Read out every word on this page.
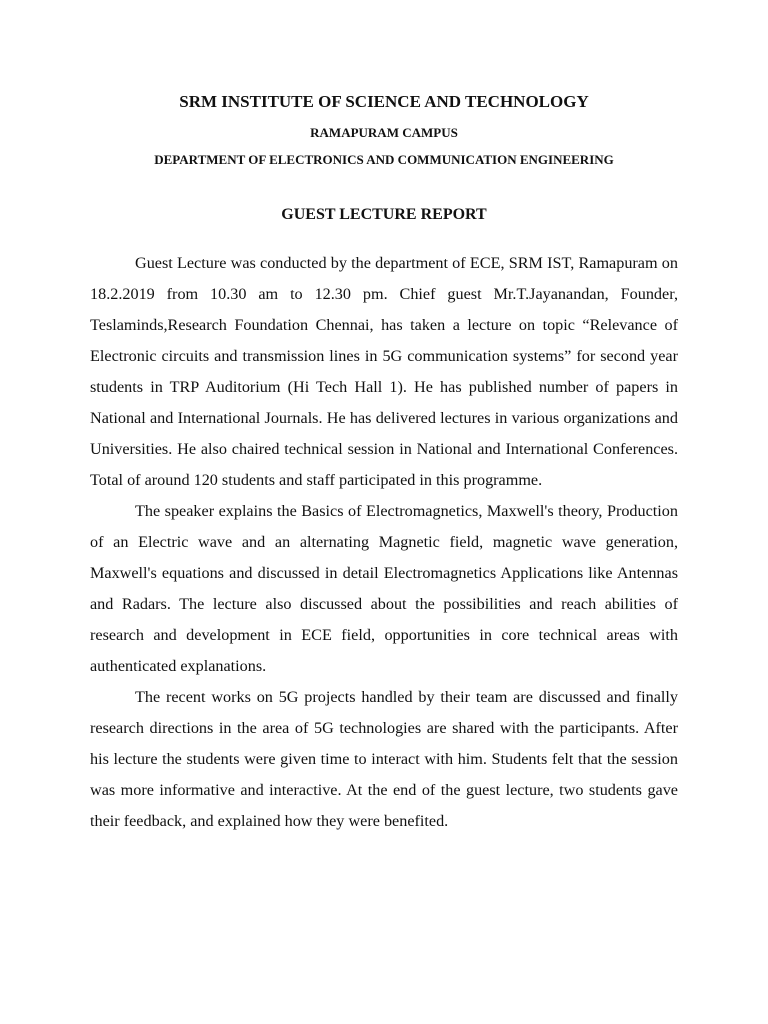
SRM INSTITUTE OF SCIENCE AND TECHNOLOGY
RAMAPURAM CAMPUS
DEPARTMENT OF ELECTRONICS AND COMMUNICATION ENGINEERING
GUEST LECTURE REPORT

Guest Lecture was conducted by the department of ECE, SRM IST, Ramapuram on 18.2.2019 from 10.30 am to 12.30 pm. Chief guest Mr.T.Jayanandan, Founder, Teslaminds,Research Foundation Chennai, has taken a lecture on topic “Relevance of Electronic circuits and transmission lines in 5G communication systems” for second year students in TRP Auditorium (Hi Tech Hall 1). He has published number of papers in National and International Journals. He has delivered lectures in various organizations and Universities. He also chaired technical session in National and International Conferences. Total of around 120 students and staff participated in this programme.

The speaker explains the Basics of Electromagnetics, Maxwell's theory, Production of an Electric wave and an alternating Magnetic field, magnetic wave generation, Maxwell's equations and discussed in detail Electromagnetics Applications like Antennas and Radars. The lecture also discussed about the possibilities and reach abilities of research and development in ECE field, opportunities in core technical areas with authenticated explanations.

The recent works on 5G projects handled by their team are discussed and finally research directions in the area of 5G technologies are shared with the participants. After his lecture the students were given time to interact with him. Students felt that the session was more informative and interactive. At the end of the guest lecture, two students gave their feedback, and explained how they were benefited.
